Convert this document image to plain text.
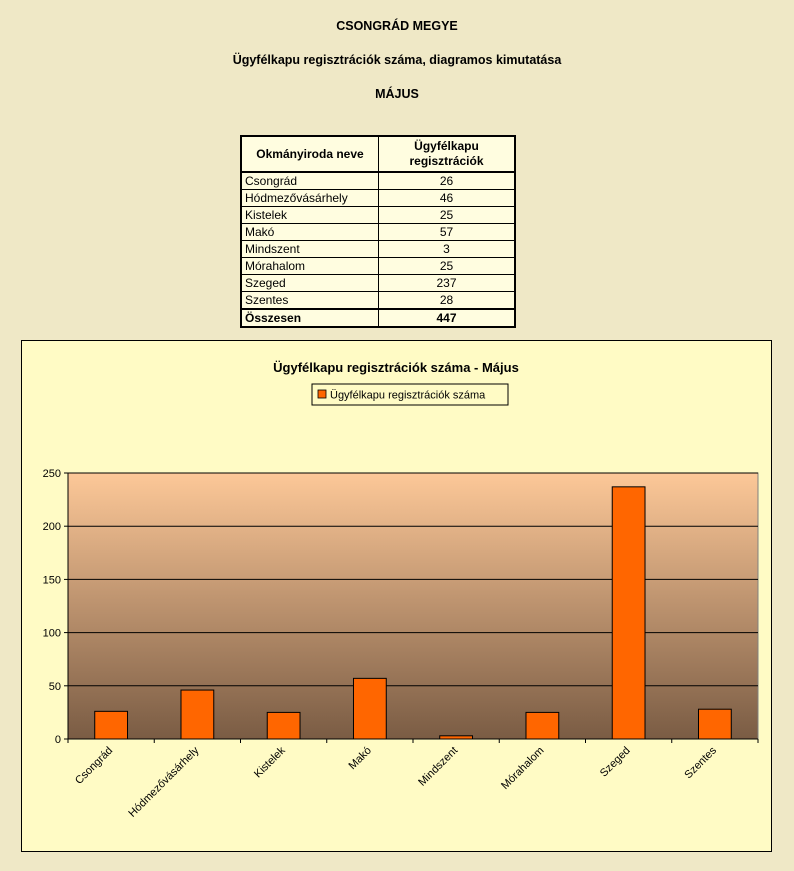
CSONGRÁD MEGYE
Ügyfélkapu regisztrációk száma, diagramos kimutatása
MÁJUS
Okmányiroda neve	Ügyfélkapu
regisztrációk
Csongrád	26
Hódmezővásárhely	46
Kistelek	25
Makó	57
Mindszent	3
Mórahalom	25
Szeged	237
Szentes	28
Összesen	447
Ügyfélkapu regisztrációk száma - Május
Ügyfélkapu regisztrációk száma
0
50
100
150
200
250
Csongrád Hódmezővásárhely	Kistelek	Makó	Mindszent	Mórahalom	Szeged	Szentes
